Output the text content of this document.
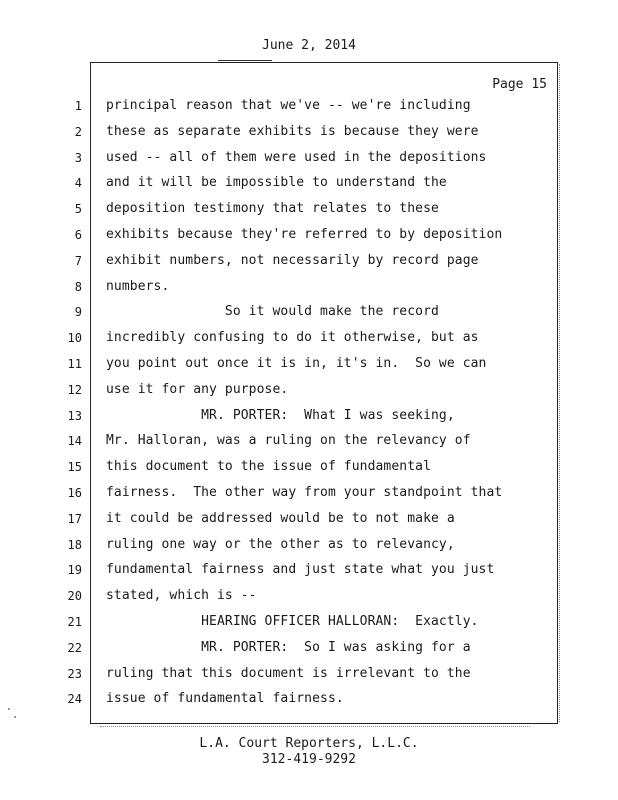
June 2, 2014
Page 15
1 principal reason that we've -- we're including
2 these as separate exhibits is because they were
3 used -- all of them were used in the depositions
4 and it will be impossible to understand the
5 deposition testimony that relates to these
6 exhibits because they're referred to by deposition
7 exhibit numbers, not necessarily by record page
8 numbers.
9 So it would make the record
10 incredibly confusing to do it otherwise, but as
11 you point out once it is in, it's in.  So we can
12 use it for any purpose.
13 MR. PORTER:  What I was seeking,
14 Mr. Halloran, was a ruling on the relevancy of
15 this document to the issue of fundamental
16 fairness.  The other way from your standpoint that
17 it could be addressed would be to not make a
18 ruling one way or the other as to relevancy,
19 fundamental fairness and just state what you just
20 stated, which is --
21 HEARING OFFICER HALLORAN:  Exactly.
22 MR. PORTER:  So I was asking for a
23 ruling that this document is irrelevant to the
24 issue of fundamental fairness.
L.A. Court Reporters, L.L.C.
312-419-9292
